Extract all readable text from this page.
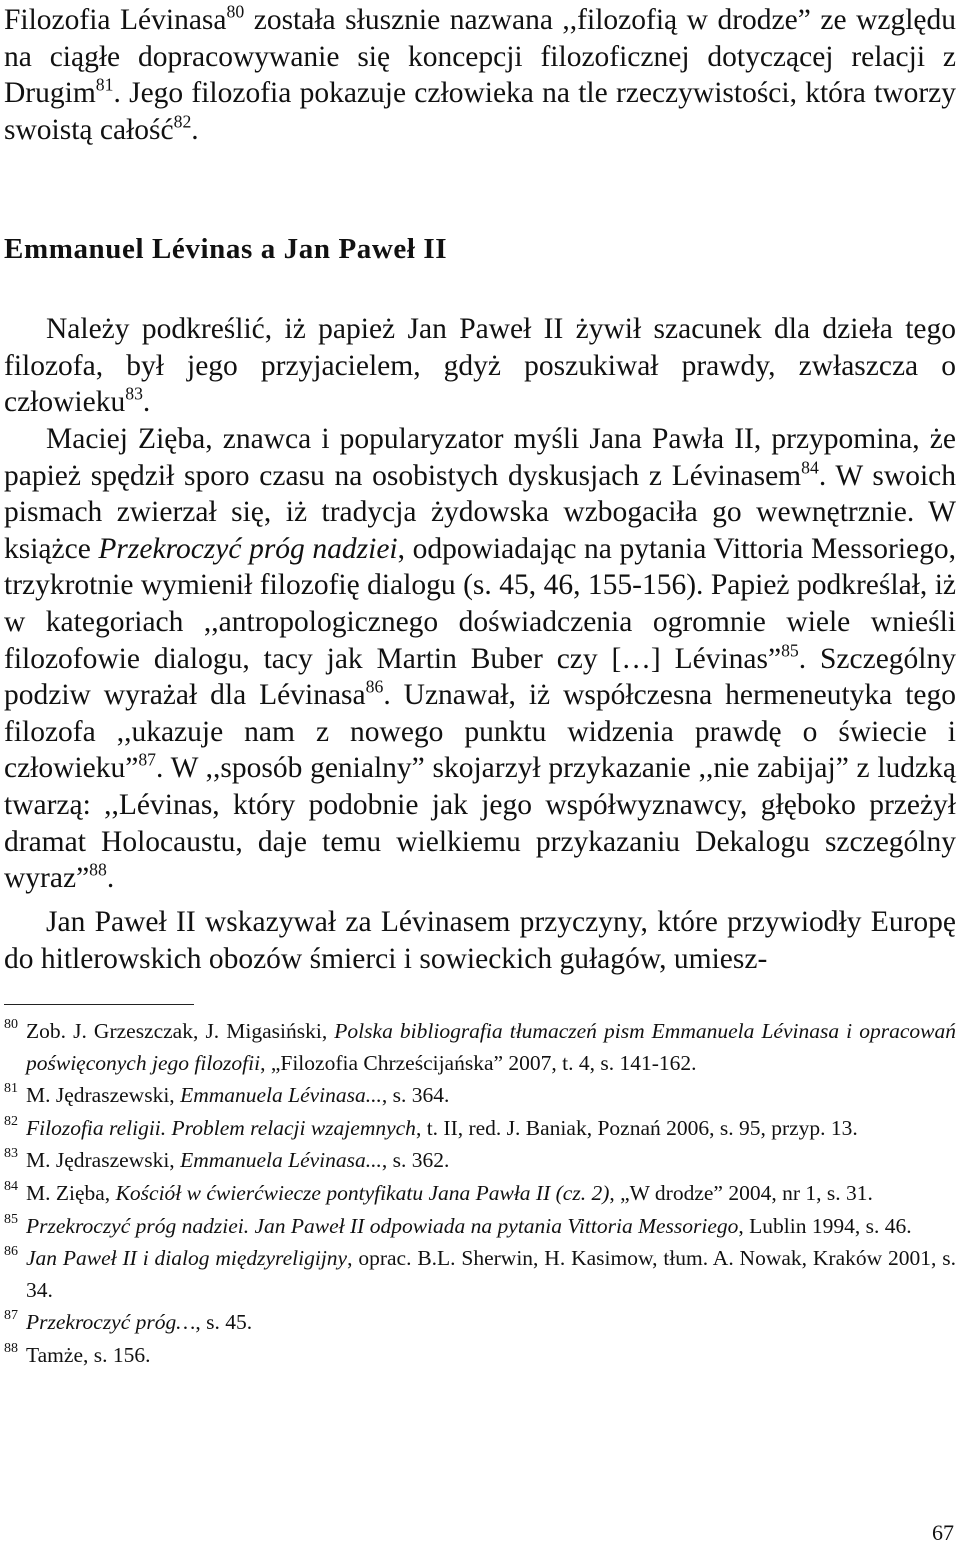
Filozofia Lévinasa$^{80}$ została słusznie nazwana ,,filozofią w drodze” ze względu na ciągłe dopracowywanie się koncepcji filozoficznej dotyczącej relacji z Drugim$^{81}$. Jego filozofia pokazuje człowieka na tle rzeczywistości, która tworzy swoistą całość$^{82}$.

Emmanuel Lévinas a Jan Paweł II

Należy podkreślić, iż papież Jan Paweł II żywił szacunek dla dzieła tego filozofa, był jego przyjacielem, gdyż poszukiwał prawdy, zwłaszcza o człowieku$^{83}$.

Maciej Zięba, znawca i popularyzator myśli Jana Pawła II, przypomina, że papież spędził sporo czasu na osobistych dyskusjach z Lévinasem$^{84}$. W swoich pismach zwierzał się, iż tradycja żydowska wzbogaciła go wewnętrznie. W książce Przekroczyć próg nadziei, odpowiadając na pytania Vittoria Messoriego, trzykrotnie wymienił filozofię dialogu (s. 45, 46, 155-156). Papież podkreślał, iż w kategoriach ,,antropologicznego doświadczenia ogromnie wiele wnieśli filozofowie dialogu, tacy jak Martin Buber czy […] Lévinas”$^{85}$. Szczególny podziw wyrażał dla Lévinasa$^{86}$. Uznawał, iż współczesna hermeneutyka tego filozofa ,,ukazuje nam z nowego punktu widzenia prawdę o świecie i człowieku”$^{87}$. W ,,sposób genialny” skojarzył przykazanie ,,nie zabijaj” z ludzką twarzą: ,,Lévinas, który podobnie jak jego współwyznawcy, głęboko przeżył dramat Holocaustu, daje temu wielkiemu przykazaniu Dekalogu szczególny wyraz”$^{88}$.

Jan Paweł II wskazywał za Lévinasem przyczyny, które przywiodły Europę do hitlerowskich obozów śmierci i sowieckich gułagów, umiesz-

80 Zob. J. Grzeszczak, J. Migasiński, Polska bibliografia tłumaczeń pism Emmanuela Lévinasa i opracowań poświęconych jego filozofii, „Filozofia Chrześcijańska” 2007, t. 4, s. 141-162.

81 M. Jędraszewski, Emmanuela Lévinasa..., s. 364.

82 Filozofia religii. Problem relacji wzajemnych, t. II, red. J. Baniak, Poznań 2006, s. 95, przyp. 13.

83 M. Jędraszewski, Emmanuela Lévinasa..., s. 362.

84 M. Zięba, Kościół w ćwierćwiecze pontyfikatu Jana Pawła II (cz. 2), „W drodze” 2004, nr 1, s. 31.

85 Przekroczyć próg nadziei. Jan Paweł II odpowiada na pytania Vittoria Messoriego, Lublin 1994, s. 46.

86 Jan Paweł II i dialog międzyreligijny, oprac. B.L. Sherwin, H. Kasimow, tłum. A. Nowak, Kraków 2001, s. 34.

87 Przekroczyć próg…, s. 45.

88 Tamże, s. 156.

67
